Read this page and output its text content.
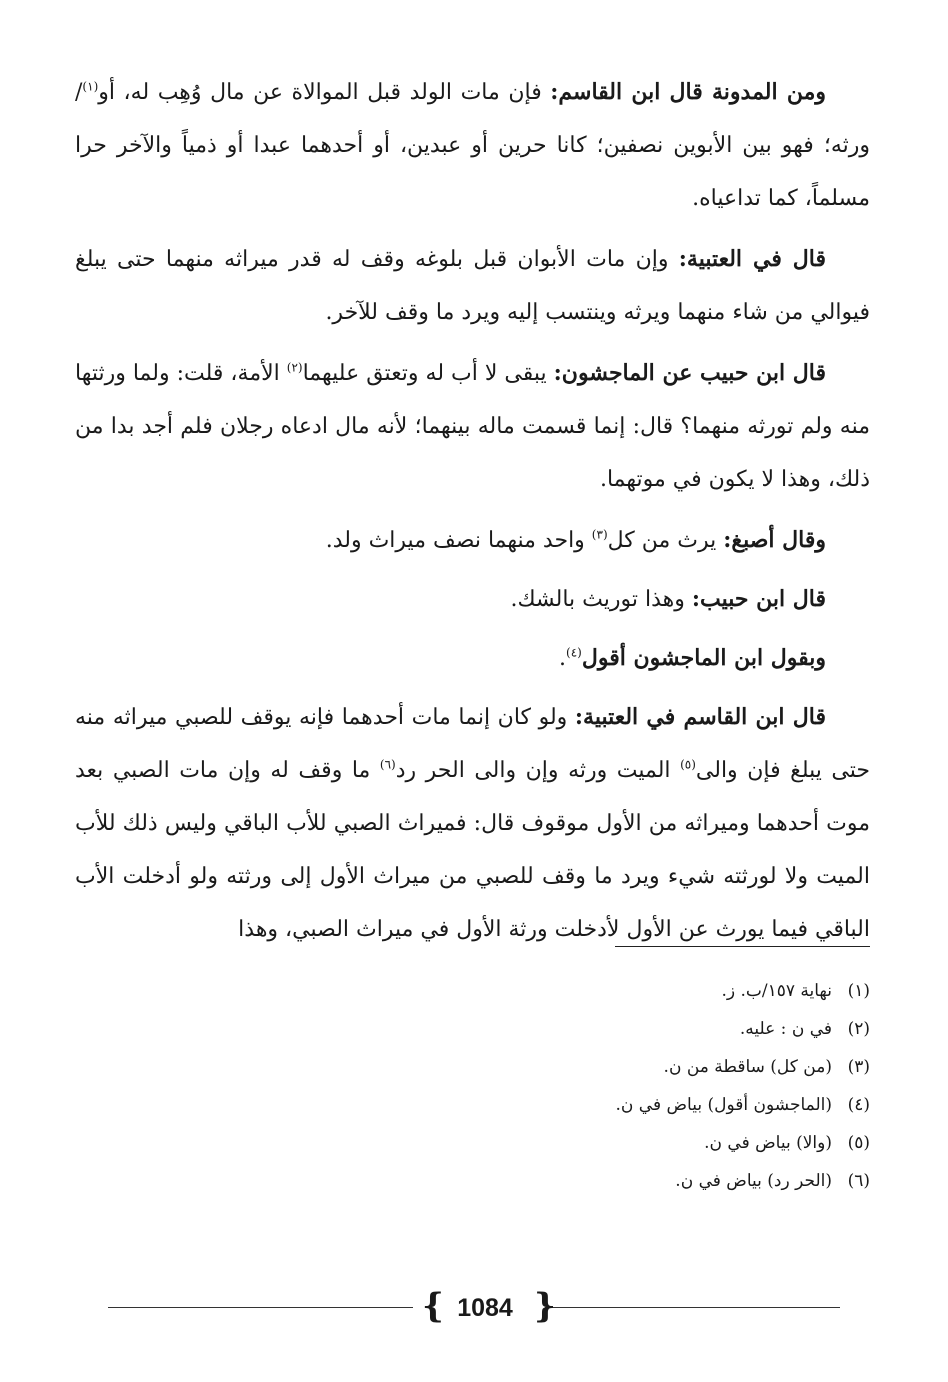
ومن المدونة قال ابن القاسم: فإن مات الولد قبل الموالاة عن مال وُهِب له، أو$^{(١)}$/ ورثه؛ فهو بين الأبوين نصفين؛ كانا حرين أو عبدين، أو أحدهما عبدا أو ذمياً والآخر حرا مسلماً، كما تداعياه.

قال في العتبية: وإن مات الأبوان قبل بلوغه وقف له قدر ميراثه منهما حتى يبلغ فيوالي من شاء منهما ويرثه وينتسب إليه ويرد ما وقف للآخر.

قال ابن حبيب عن الماجشون: يبقى لا أب له وتعتق عليهما$^{(٢)}$ الأمة، قلت: ولما ورثتها منه ولم تورثه منهما؟ قال: إنما قسمت ماله بينهما؛ لأنه مال ادعاه رجلان فلم أجد بدا من ذلك، وهذا لا يكون في موتهما.

وقال أصبغ: يرث من كل$^{(٣)}$ واحد منهما نصف ميراث ولد.

قال ابن حبيب: وهذا توريث بالشك.

وبقول ابن الماجشون أقول$^{(٤)}$.

قال ابن القاسم في العتبية: ولو كان إنما مات أحدهما فإنه يوقف للصبي ميراثه منه حتى يبلغ فإن والى$^{(٥)}$ الميت ورثه وإن والى الحر رد$^{(٦)}$ ما وقف له وإن مات الصبي بعد موت أحدهما وميراثه من الأول موقوف قال: فميراث الصبي للأب الباقي وليس ذلك للأب الميت ولا لورثته شيء ويرد ما وقف للصبي من ميراث الأول إلى ورثته ولو أدخلت الأب الباقي فيما يورث عن الأول لأدخلت ورثة الأول في ميراث الصبي، وهذا

(١)
نهاية ١٥٧/ب. ز.
(٢)
في ن : عليه.
(٣)
(من كل) ساقطة من ن.
(٤)
(الماجشون أقول) بياض في ن.
(٥)
(والا) بياض في ن.
(٦)
(الحر رد) بياض في ن.
{ 1084 }
